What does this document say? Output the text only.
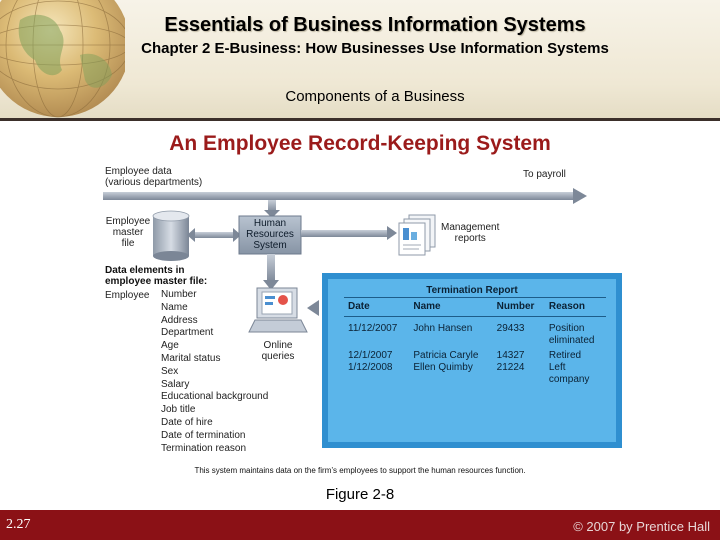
Essentials of Business Information Systems
Chapter 2 E-Business: How Businesses Use Information Systems
Components of a Business
An Employee Record-Keeping System
Employee data
(various departments)
To payroll
Employee
master
file
Human
Resources
System
Management
reports
Online
queries
Data elements in
employee master file:
Employee Number
Name
Address
Department
Age
Marital status
Sex
Salary
Educational background
Job title
Date of hire
Date of termination
Termination reason
Termination Report
Date	Name	Number	Reason
11/12/2007	John Hansen	29433	Position
eliminated
12/1/2007	Patricia Caryle	14327	Retired
1/12/2008	Ellen Quimby	21224	Left
company
This system maintains data on the firm’s employees to support the human resources function.
Figure 2-8
2.27	© 2007 by Prentice Hall
